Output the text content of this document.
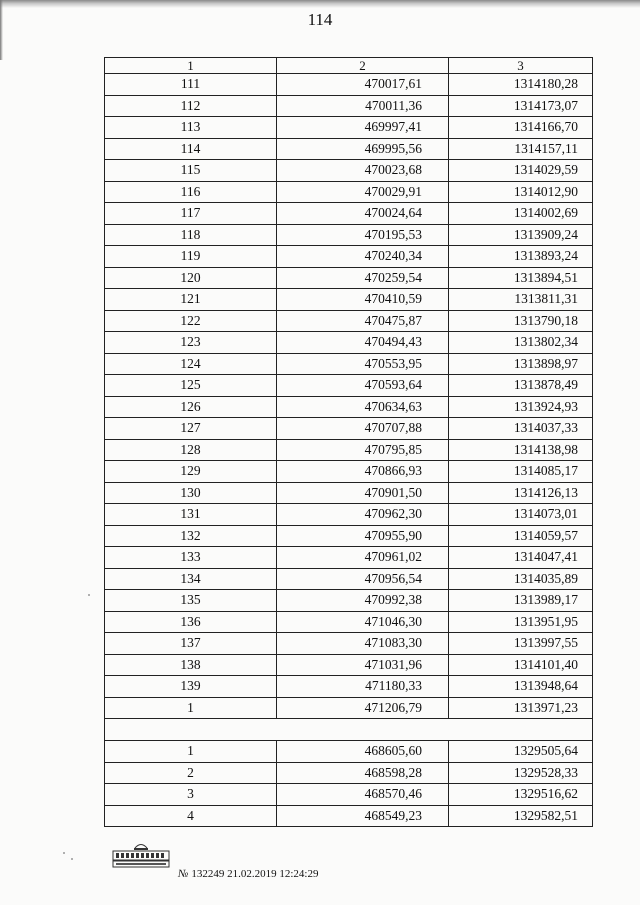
114
1	2	3
111	470017,61	1314180,28
112	470011,36	1314173,07
113	469997,41	1314166,70
114	469995,56	1314157,11
115	470023,68	1314029,59
116	470029,91	1314012,90
117	470024,64	1314002,69
118	470195,53	1313909,24
119	470240,34	1313893,24
120	470259,54	1313894,51
121	470410,59	1313811,31
122	470475,87	1313790,18
123	470494,43	1313802,34
124	470553,95	1313898,97
125	470593,64	1313878,49
126	470634,63	1313924,93
127	470707,88	1314037,33
128	470795,85	1314138,98
129	470866,93	1314085,17
130	470901,50	1314126,13
131	470962,30	1314073,01
132	470955,90	1314059,57
133	470961,02	1314047,41
134	470956,54	1314035,89
135	470992,38	1313989,17
136	471046,30	1313951,95
137	471083,30	1313997,55
138	471031,96	1314101,40
139	471180,33	1313948,64
1	471206,79	1313971,23

1	468605,60	1329505,64
2	468598,28	1329528,33
3	468570,46	1329516,62
4	468549,23	1329582,51
№ 132249 21.02.2019 12:24:29
